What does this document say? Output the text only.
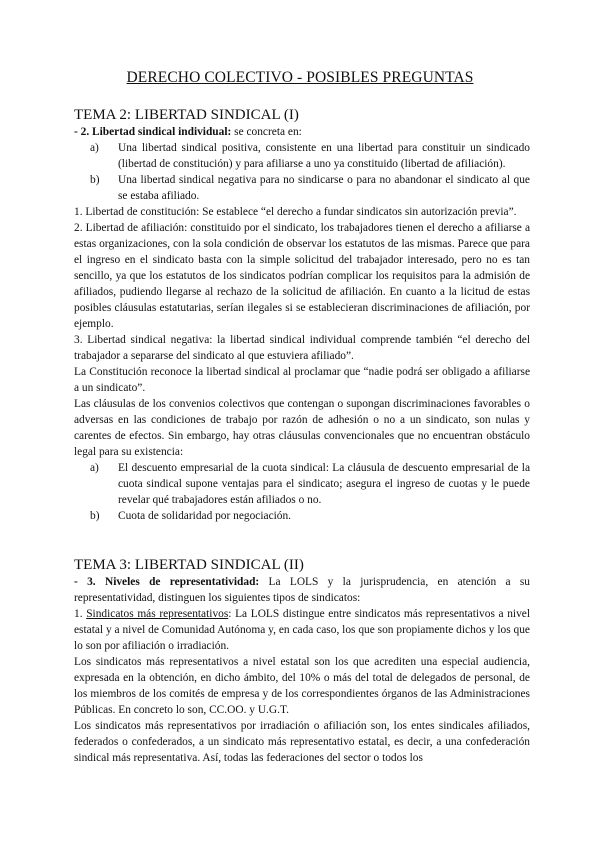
DERECHO COLECTIVO - POSIBLES PREGUNTAS
TEMA 2: LIBERTAD SINDICAL (I)

- 2. Libertad sindical individual: se concreta en:

a) Una libertad sindical positiva, consistente en una libertad para constituir un sindicado (libertad de constitución) y para afiliarse a uno ya constituido (libertad de afiliación).
b) Una libertad sindical negativa para no sindicarse o para no abandonar el sindicato al que se estaba afiliado.

1. Libertad de constitución: Se establece “el derecho a fundar sindicatos sin autorización previa”.

2. Libertad de afiliación: constituido por el sindicato, los trabajadores tienen el derecho a afiliarse a estas organizaciones, con la sola condición de observar los estatutos de las mismas. Parece que para el ingreso en el sindicato basta con la simple solicitud del trabajador interesado, pero no es tan sencillo, ya que los estatutos de los sindicatos podrían complicar los requisitos para la admisión de afiliados, pudiendo llegarse al rechazo de la solicitud de afiliación. En cuanto a la licitud de estas posibles cláusulas estatutarias, serían ilegales si se establecieran discriminaciones de afiliación, por ejemplo.

3. Libertad sindical negativa: la libertad sindical individual comprende también “el derecho del trabajador a separarse del sindicato al que estuviera afiliado”.

La Constitución reconoce la libertad sindical al proclamar que “nadie podrá ser obligado a afiliarse a un sindicato”.

Las cláusulas de los convenios colectivos que contengan o supongan discriminaciones favorables o adversas en las condiciones de trabajo por razón de adhesión o no a un sindicato, son nulas y carentes de efectos. Sin embargo, hay otras cláusulas convencionales que no encuentran obstáculo legal para su existencia:

a) El descuento empresarial de la cuota sindical: La cláusula de descuento empresarial de la cuota sindical supone ventajas para el sindicato; asegura el ingreso de cuotas y le puede revelar qué trabajadores están afiliados o no.
b) Cuota de solidaridad por negociación.
TEMA 3: LIBERTAD SINDICAL (II)

- 3. Niveles de representatividad: La LOLS y la jurisprudencia, en atención a su representatividad, distinguen los siguientes tipos de sindicatos:

1. Sindicatos más representativos: La LOLS distingue entre sindicatos más representativos a nivel estatal y a nivel de Comunidad Autónoma y, en cada caso, los que son propiamente dichos y los que lo son por afiliación o irradiación.

Los sindicatos más representativos a nivel estatal son los que acrediten una especial audiencia, expresada en la obtención, en dicho ámbito, del 10% o más del total de delegados de personal, de los miembros de los comités de empresa y de los correspondientes órganos de las Administraciones Públicas. En concreto lo son, CC.OO. y U.G.T.

Los sindicatos más representativos por irradiación o afiliación son, los entes sindicales afiliados, federados o confederados, a un sindicato más representativo estatal, es decir, a una confederación sindical más representativa. Así, todas las federaciones del sector o todos los
